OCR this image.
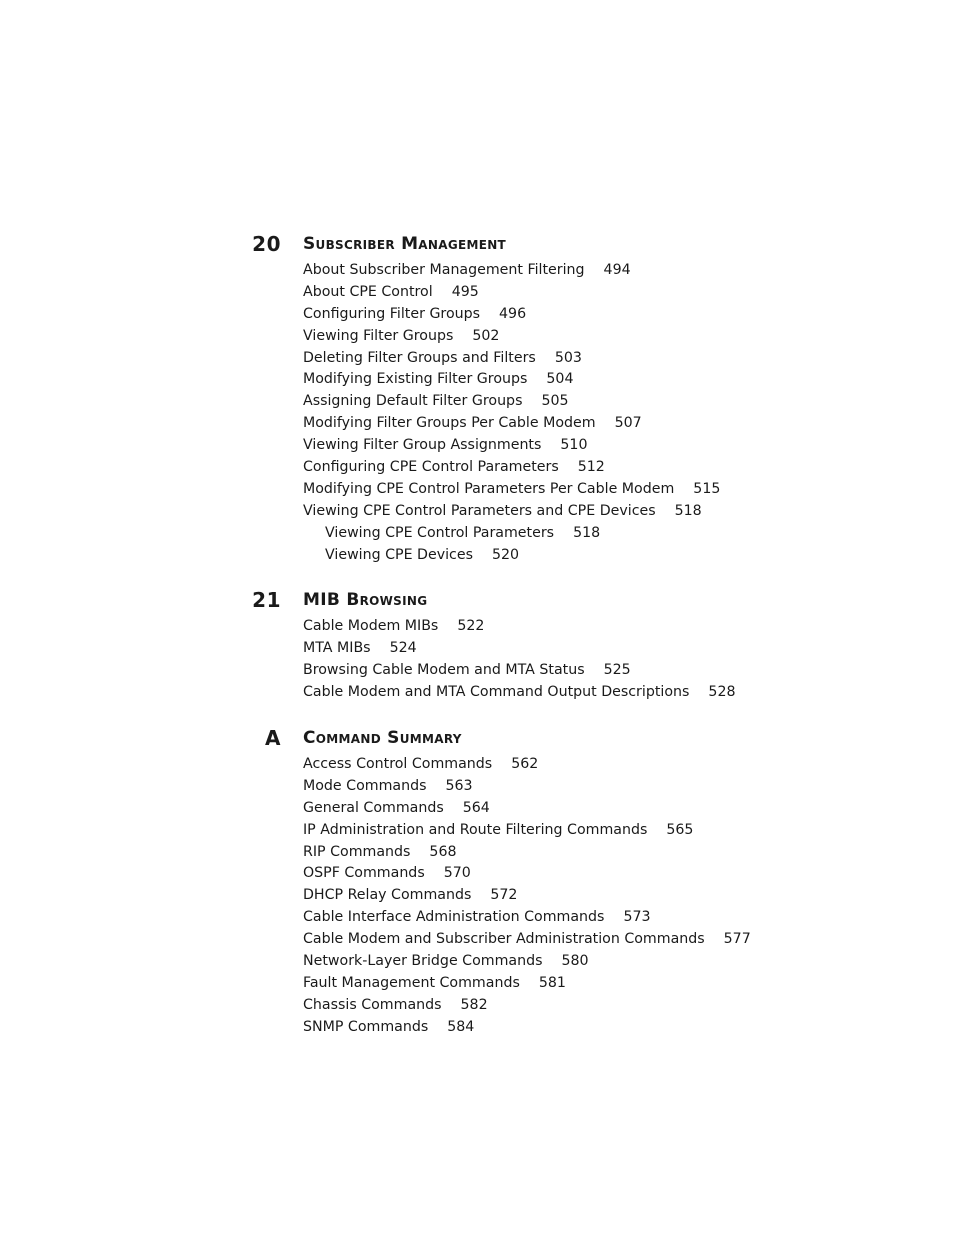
20 Subscriber Management
About Subscriber Management Filtering 494
About CPE Control 495
Configuring Filter Groups 496
Viewing Filter Groups 502
Deleting Filter Groups and Filters 503
Modifying Existing Filter Groups 504
Assigning Default Filter Groups 505
Modifying Filter Groups Per Cable Modem 507
Viewing Filter Group Assignments 510
Configuring CPE Control Parameters 512
Modifying CPE Control Parameters Per Cable Modem 515
Viewing CPE Control Parameters and CPE Devices 518
Viewing CPE Control Parameters 518
Viewing CPE Devices 520
21 MIB Browsing
Cable Modem MIBs 522
MTA MIBs 524
Browsing Cable Modem and MTA Status 525
Cable Modem and MTA Command Output Descriptions 528
A Command Summary
Access Control Commands 562
Mode Commands 563
General Commands 564
IP Administration and Route Filtering Commands 565
RIP Commands 568
OSPF Commands 570
DHCP Relay Commands 572
Cable Interface Administration Commands 573
Cable Modem and Subscriber Administration Commands 577
Network-Layer Bridge Commands 580
Fault Management Commands 581
Chassis Commands 582
SNMP Commands 584
